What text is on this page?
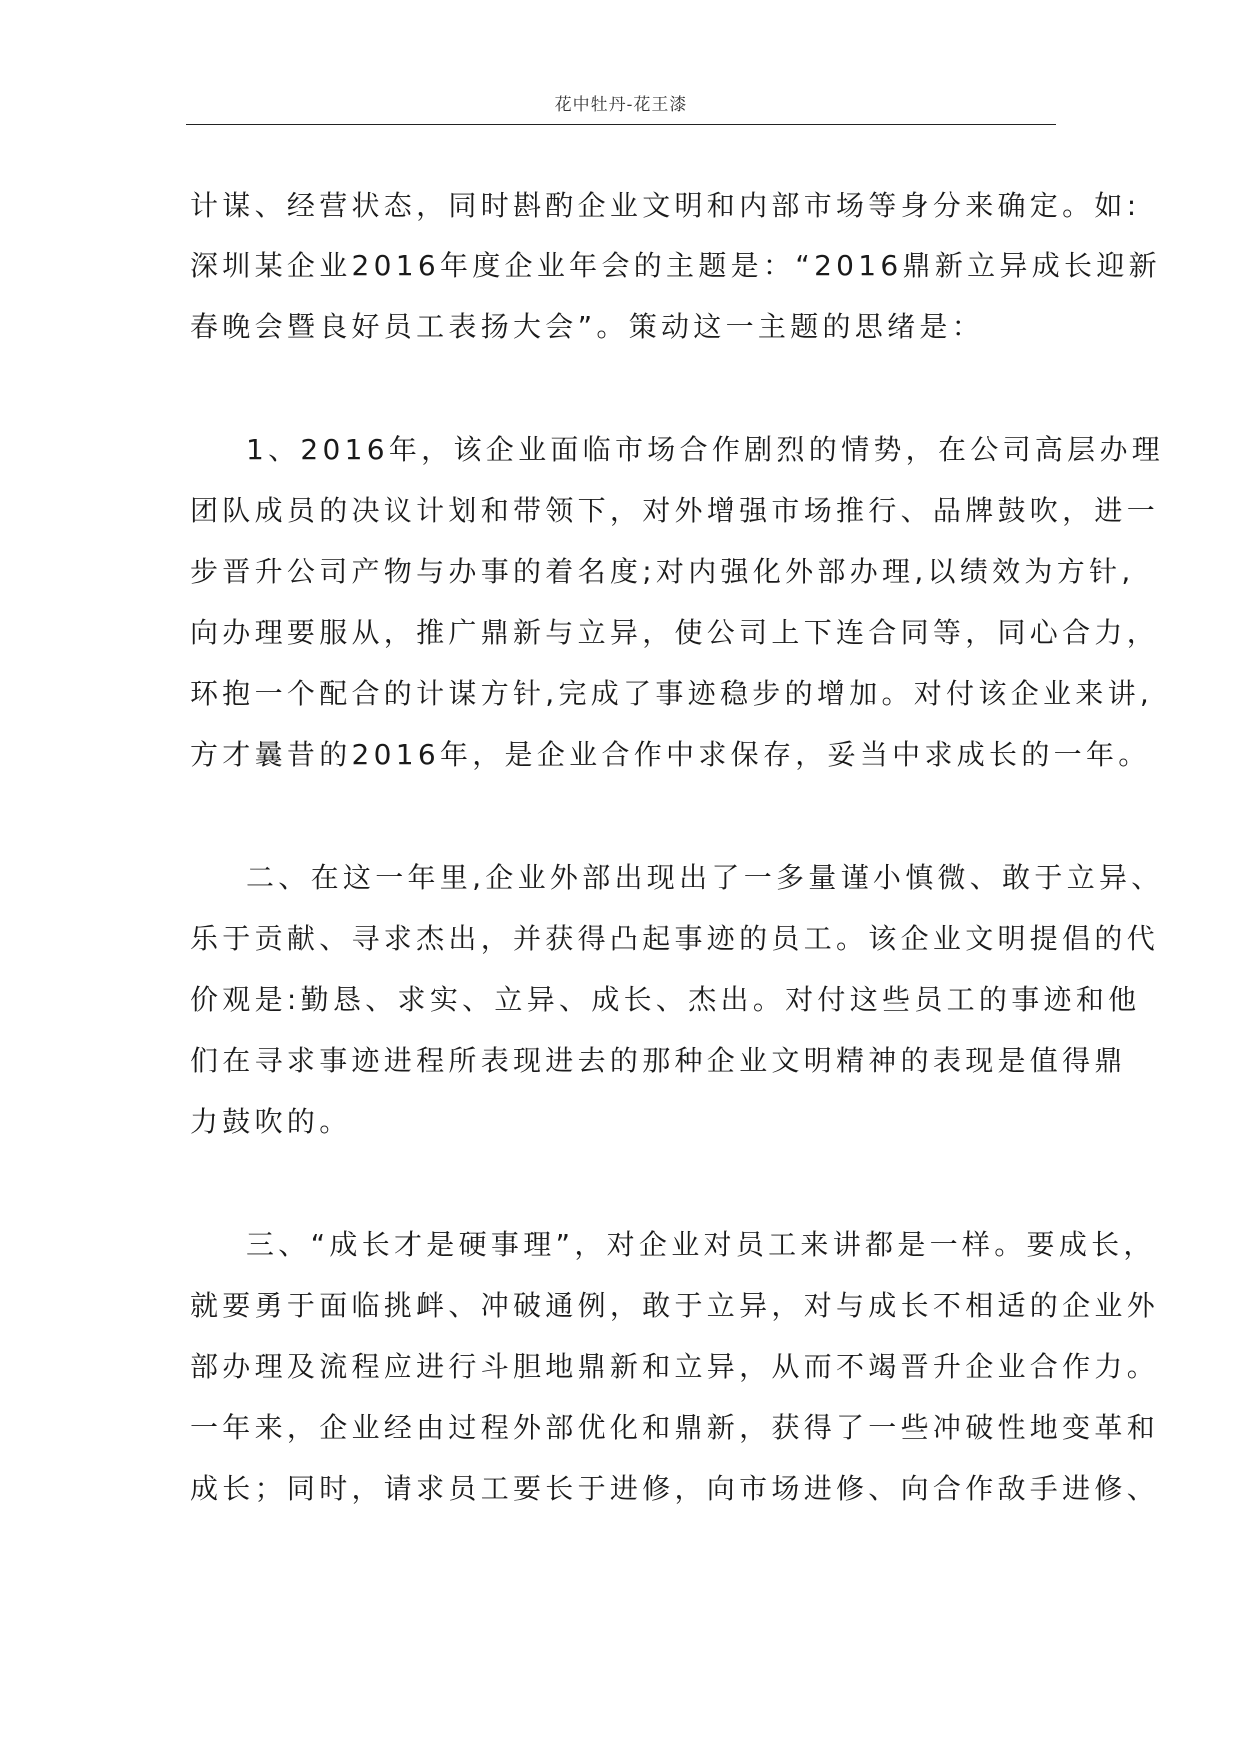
花中牡丹-花王漆
计谋、经营状态，同时斟酌企业文明和内部市场等身分来确定。如:
深圳某企业2016年度企业年会的主题是：“2016鼎新立异成长迎新
春晚会暨良好员工表扬大会”。策动这一主题的思绪是：
1、2016年，该企业面临市场合作剧烈的情势，在公司高层办理
团队成员的决议计划和带领下，对外增强市场推行、品牌鼓吹，进一
步晋升公司产物与办事的着名度;对内强化外部办理,以绩效为方针,
向办理要服从，推广鼎新与立异，使公司上下连合同等，同心合力，
环抱一个配合的计谋方针,完成了事迹稳步的增加。对付该企业来讲,
方才曩昔的2016年，是企业合作中求保存，妥当中求成长的一年。
二、在这一年里,企业外部出现出了一多量谨小慎微、敢于立异、
乐于贡献、寻求杰出，并获得凸起事迹的员工。该企业文明提倡的代
价观是:勤恳、求实、立异、成长、杰出。对付这些员工的事迹和他
们在寻求事迹进程所表现进去的那种企业文明精神的表现是值得鼎
力鼓吹的。
三、“成长才是硬事理”，对企业对员工来讲都是一样。要成长，
就要勇于面临挑衅、冲破通例，敢于立异，对与成长不相适的企业外
部办理及流程应进行斗胆地鼎新和立异，从而不竭晋升企业合作力。
一年来，企业经由过程外部优化和鼎新，获得了一些冲破性地变革和
成长；同时，请求员工要长于进修，向市场进修、向合作敌手进修、
